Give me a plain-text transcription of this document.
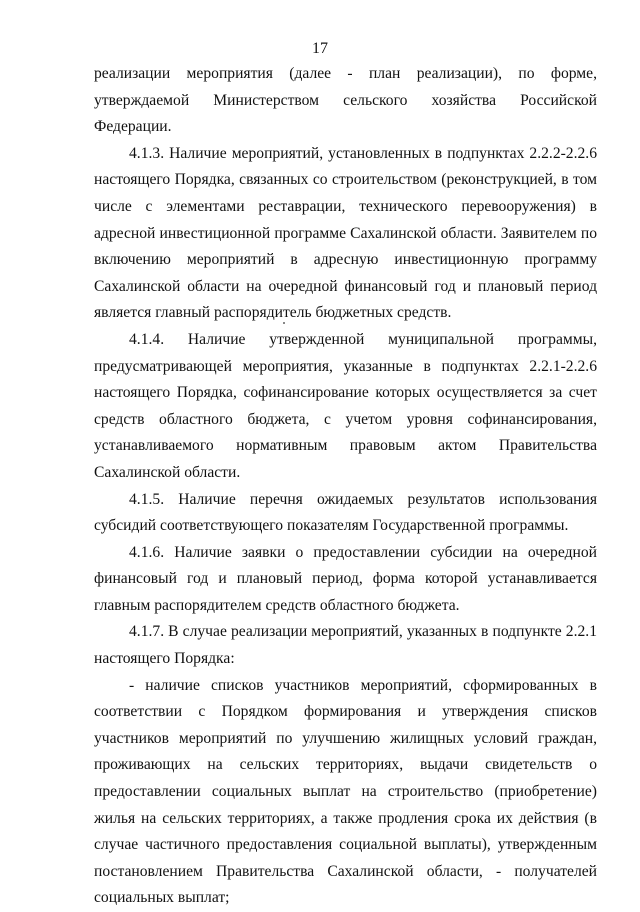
17

реализации мероприятия (далее - план реализации), по форме, утверждаемой Министерством сельского хозяйства Российской Федерации.

4.1.3. Наличие мероприятий, установленных в подпунктах 2.2.2-2.2.6 настоящего Порядка, связанных со строительством (реконструкцией, в том числе с элементами реставрации, технического перевооружения) в адресной инвестиционной программе Сахалинской области. Заявителем по включению мероприятий в адресную инвестиционную программу Сахалинской области на очередной финансовый год и плановый период является главный распорядитель бюджетных средств.

4.1.4. Наличие утвержденной муниципальной программы, предусматривающей мероприятия, указанные в подпунктах 2.2.1-2.2.6 настоящего Порядка, софинансирование которых осуществляется за счет средств областного бюджета, с учетом уровня софинансирования, устанавливаемого нормативным правовым актом Правительства Сахалинской области.

4.1.5. Наличие перечня ожидаемых результатов использования субсидий соответствующего показателям Государственной программы.

4.1.6. Наличие заявки о предоставлении субсидии на очередной финансовый год и плановый период, форма которой устанавливается главным распорядителем средств областного бюджета.

4.1.7. В случае реализации мероприятий, указанных в подпункте 2.2.1 настоящего Порядка:

- наличие списков участников мероприятий, сформированных в соответствии с Порядком формирования и утверждения списков участников мероприятий по улучшению жилищных условий граждан, проживающих на сельских территориях, выдачи свидетельств о предоставлении социальных выплат на строительство (приобретение) жилья на сельских территориях, а также продления срока их действия (в случае частичного предоставления социальной выплаты), утвержденным постановлением Правительства Сахалинской области, - получателей социальных выплат;
